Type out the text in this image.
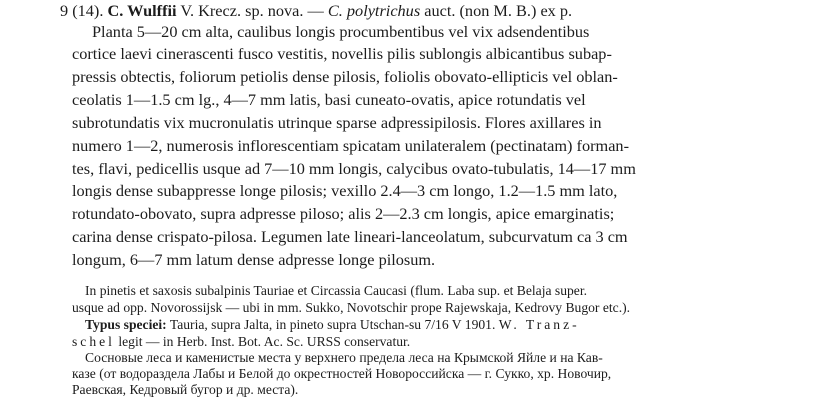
9 (14). C. Wulffii V. Krecz. sp. nova. — C. polytrichus auct. (non M. B.) ex p.
Planta 5—20 cm alta, caulibus longis procumbentibus vel vix adsendentibus
cortice laevi cinerascenti fusco vestitis, novellis pilis sublongis albicantibus subap-
pressis obtectis, foliorum petiolis dense pilosis, foliolis obovato-ellipticis vel oblan-
ceolatis 1—1.5 cm lg., 4—7 mm latis, basi cuneato-ovatis, apice rotundatis vel
subrotundatis vix mucronulatis utrinque sparse adpressipilosis. Flores axillares in
numero 1—2, numerosis inflorescentiam spicatam unilateralem (pectinatam) forman-
tes, flavi, pedicellis usque ad 7—10 mm longis, calycibus ovato-tubulatis, 14—17 mm
longis dense subappresse longe pilosis; vexillo 2.4—3 cm longo, 1.2—1.5 mm lato,
rotundato-obovato, supra adpresse piloso; alis 2—2.3 cm longis, apice emarginatis;
carina dense crispato-pilosa. Legumen late lineari-lanceolatum, subcurvatum ca 3 cm
longum, 6—7 mm latum dense adpresse longe pilosum.
In pinetis et saxosis subalpinis Tauriae et Circassia Caucasi (flum. Laba sup. et Belaja super.
usque ad opp. Novorossijsk — ubi in mm. Sukko, Novotschir prope Rajewskaja, Kedrovy Bugor etc.).
Typus speciei: Tauria, supra Jalta, in pineto supra Utschan-su 7/16 V 1901. W. Tranz-
schel legit — in Herb. Inst. Bot. Ac. Sc. URSS conservatur.
Сосновые леса и каменистые места у верхнего предела леса на Крымской Яйле и на Кав-
казе (от водораздела Лабы и Белой до окрестностей Новороссийска — г. Сукко, хр. Новочир,
Раевская, Кедровый бугор и др. места).
